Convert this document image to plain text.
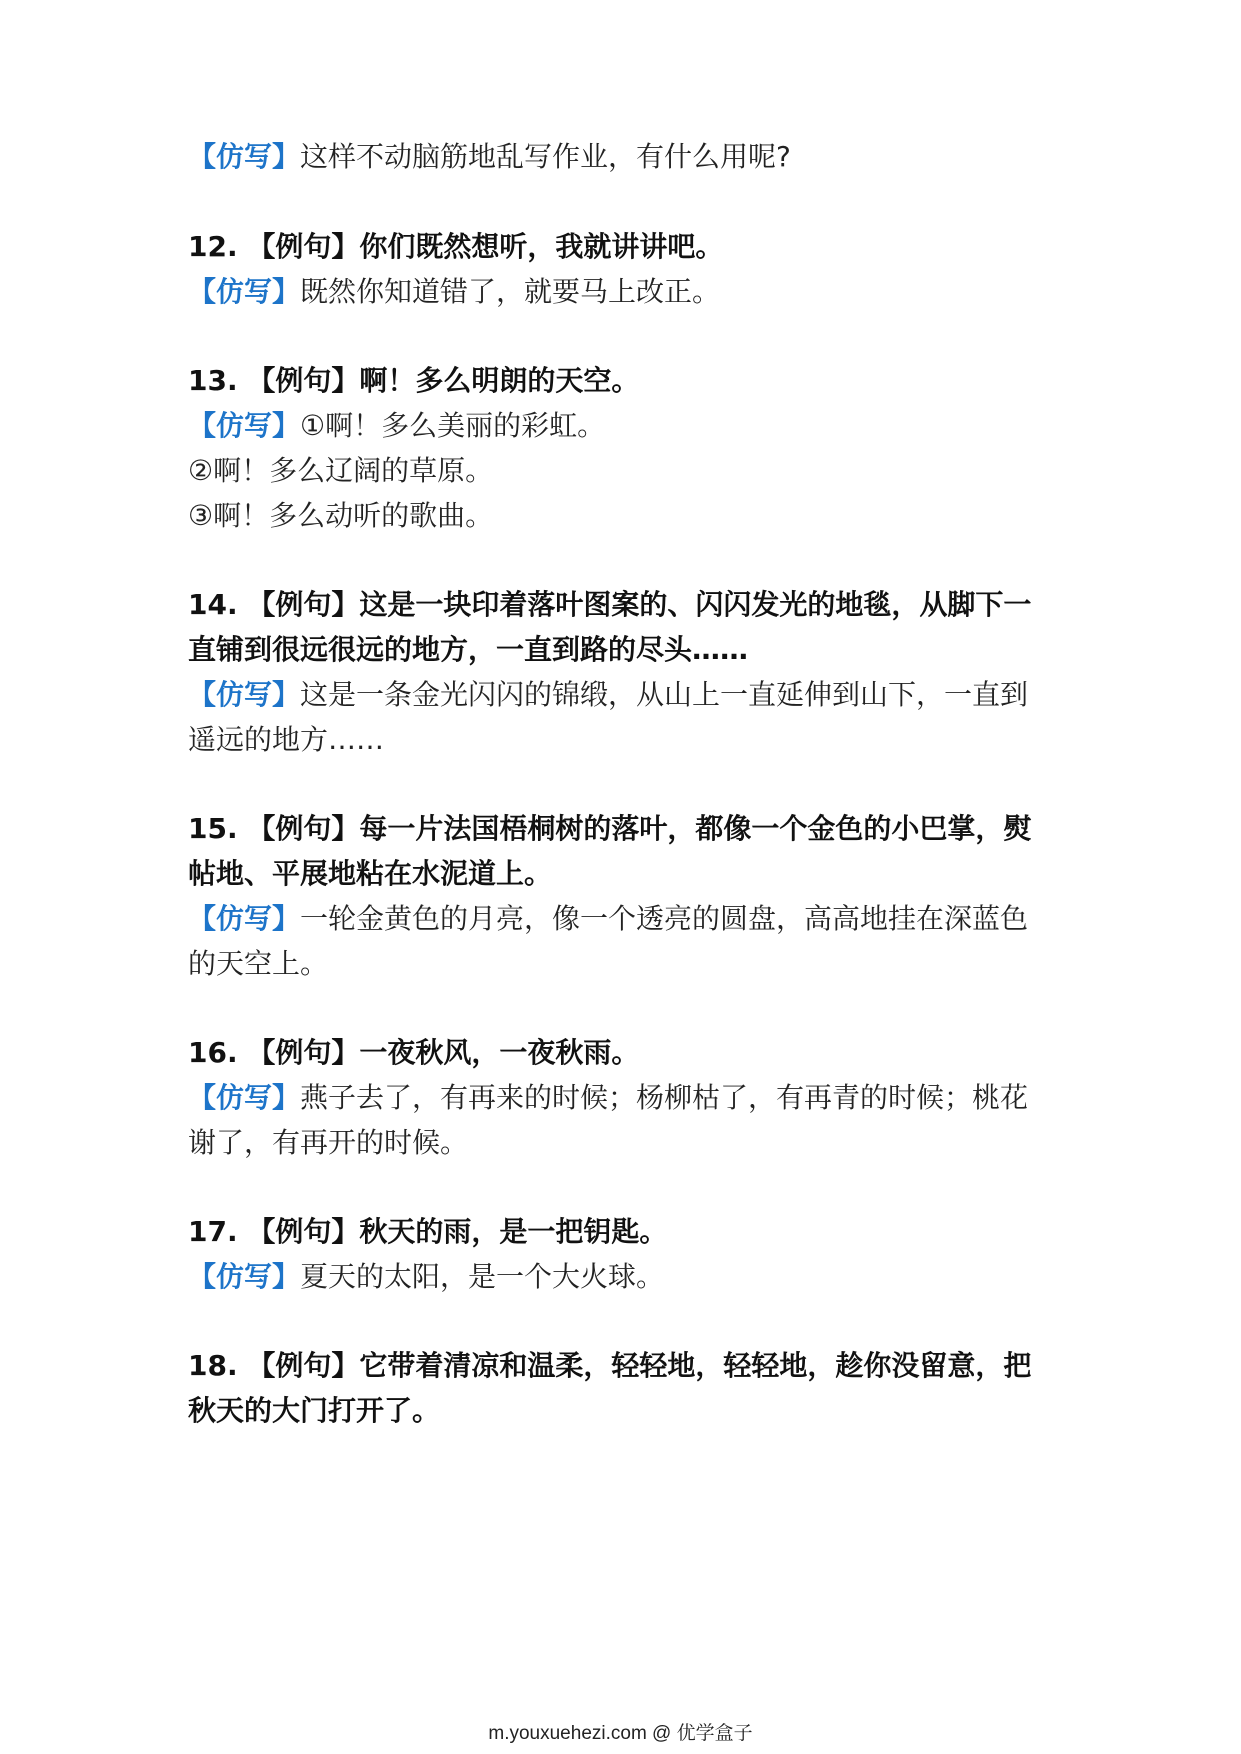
【仿写】这样不动脑筋地乱写作业，有什么用呢?
12. 【例句】你们既然想听，我就讲讲吧。
【仿写】既然你知道错了，就要马上改正。
13. 【例句】啊！多么明朗的天空。
【仿写】①啊！多么美丽的彩虹。
②啊！多么辽阔的草原。
③啊！多么动听的歌曲。
14. 【例句】这是一块印着落叶图案的、闪闪发光的地毯，从脚下一
直铺到很远很远的地方，一直到路的尽头……
【仿写】这是一条金光闪闪的锦缎，从山上一直延伸到山下，一直到
遥远的地方……
15. 【例句】每一片法国梧桐树的落叶，都像一个金色的小巴掌，熨
帖地、平展地粘在水泥道上。
【仿写】一轮金黄色的月亮，像一个透亮的圆盘，高高地挂在深蓝色
的天空上。
16. 【例句】一夜秋风，一夜秋雨。
【仿写】燕子去了，有再来的时候；杨柳枯了，有再青的时候；桃花
谢了，有再开的时候。
17. 【例句】秋天的雨，是一把钥匙。
【仿写】夏天的太阳，是一个大火球。
18. 【例句】它带着清凉和温柔，轻轻地，轻轻地，趁你没留意，把
秋天的大门打开了。
m.youxuehezi.com @ 优学盒子
